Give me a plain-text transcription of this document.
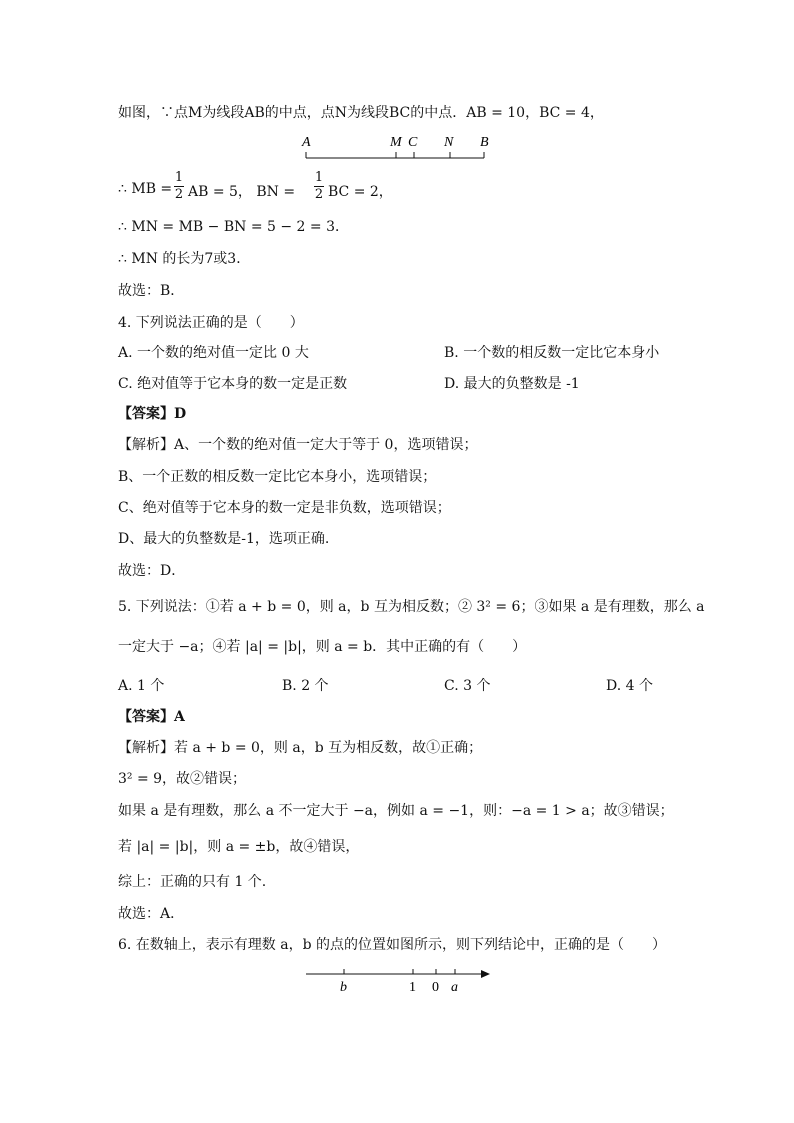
如图，∵点M为线段AB的中点，点N为线段BC的中点．AB = 10，BC = 4，
A	M C N B
∴ MB = $\frac{1}{2}$ AB = 5， BN = $\frac{1}{2}$ BC = 2，
∴ MN = MB − BN = 5 − 2 = 3．
∴ MN 的长为7或3．
故选：B．
4. 下列说法正确的是（　　）
A. 一个数的绝对值一定比 0 大	B. 一个数的相反数一定比它本身小
C. 绝对值等于它本身的数一定是正数	D. 最大的负整数是 -1
【答案】D
【解析】A、一个数的绝对值一定大于等于 0，选项错误；
B、一个正数的相反数一定比它本身小，选项错误；
C、绝对值等于它本身的数一定是非负数，选项错误；
D、最大的负整数是-1，选项正确.
故选：D．
5. 下列说法：①若 a + b = 0，则 a，b 互为相反数；② 3² = 6；③如果 a 是有理数，那么 a
一定大于 −a；④若 |a| = |b|，则 a = b．其中正确的有（　　）
A. 1 个	B. 2 个	C. 3 个	D. 4 个
【答案】A
【解析】若 a + b = 0，则 a，b 互为相反数，故①正确；
3² = 9，故②错误；
如果 a 是有理数，那么 a 不一定大于 −a，例如 a = −1，则：−a = 1 > a；故③错误；
若 |a| = |b|，则 a = ±b，故④错误，
综上：正确的只有 1 个.
故选：A．
6. 在数轴上，表示有理数 a，b 的点的位置如图所示，则下列结论中，正确的是（　　）
b	1 0 a
